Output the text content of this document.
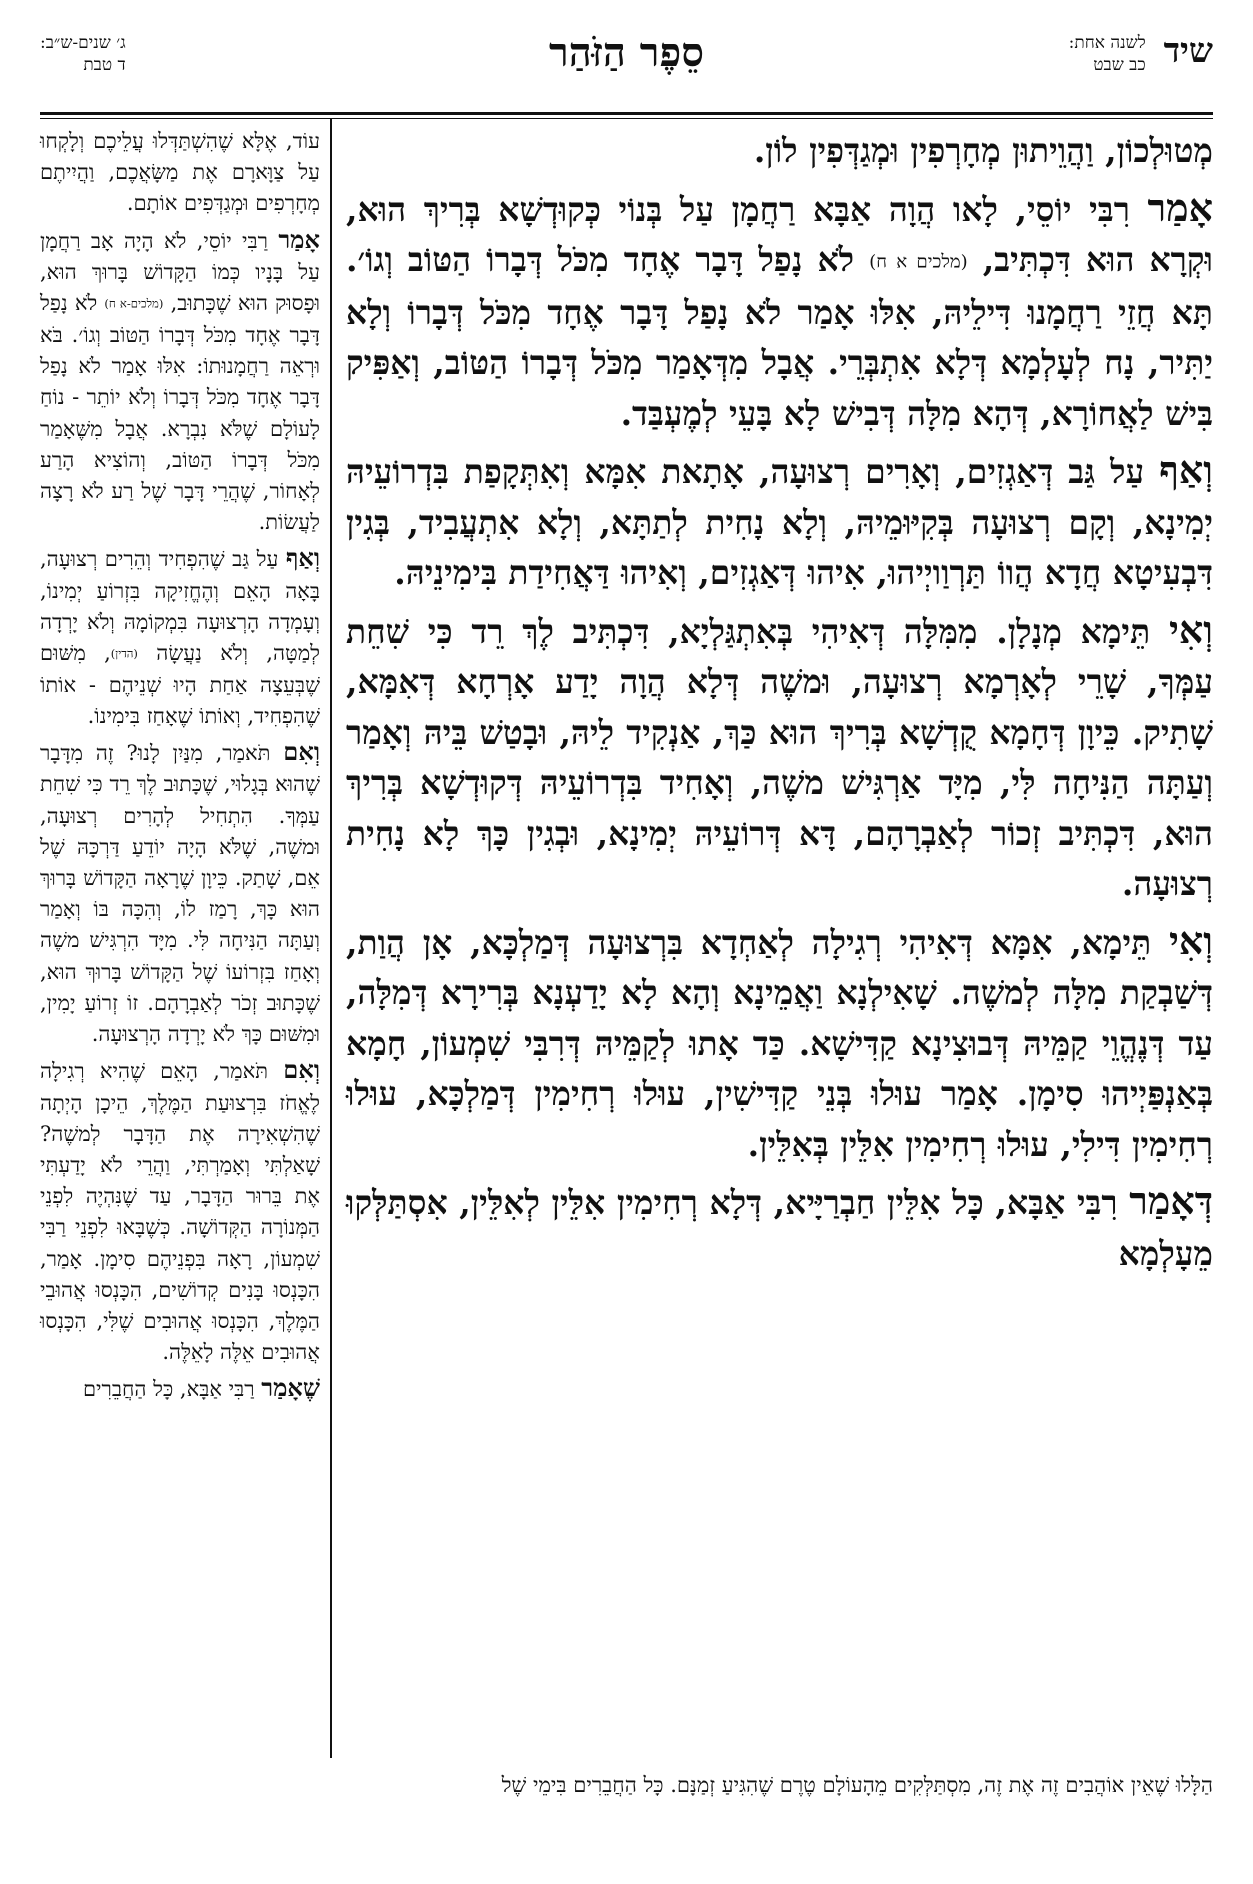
שיד
לשנה אחת:
כב שבט
סֵפֶר הַזֹּהַר
ג׳ שנים-ש״ב:
ד טבת

מְטוּלְכוֹן, וַהֲוֵיתוּן מְחָרְפִין וּמְגַדְּפִין לוֹן.

אָמַר רִבִּי יוֹסֵי, לָאו הֲוָה אַבָּא רַחֲמָן עַל בְּנוֹי כְּקוּדְשָׁא בְּרִיךְ הוּא, וּקְרָא הוּא דִּכְתִּיב, (מלכים א ח) לֹא נָפַל דָּבָר אֶחָד מִכֹּל דְּבָרוֹ הַטּוֹב וְגוֹ׳. תָּא חֲזֵי רַחֲמָנוּ דִּילֵיהּ, אִלּוּ אָמַר לֹא נָפַל דָּבָר אֶחָד מִכֹּל דְּבָרוֹ וְלָא יַתִּיר, נָח לְעָלְמָא דְּלָא אִתְבְּרֵי. אֲבָל מִדְּאָמַר מִכֹּל דְּבָרוֹ הַטּוֹב, וְאַפִּיק בִּישׁ לַאֲחוֹרָא, דְּהָא מִלָּה דְּבִישׁ לָא בָּעֵי לְמֶעְבַּד.

וְאַף עַל גַּב דְּאַגְזִים, וְאָרִים רְצוּעָה, אָתָאת אִמָּא וְאִתְּקָפַת בִּדְרוֹעֵיהּ יְמִינָא, וְקָם רְצוּעָה בְּקִיּוּמֵיהּ, וְלָא נָחִית לְתַתָּא, וְלָא אִתְעֲבִיד, בְּגִין דִּבְעִיטָא חֲדָא הֲווֹ תַּרְוַויְיהוּ, אִיהוּ דְּאַגְזִים, וְאִיהוּ דַּאֲחִידַת בִּימִינֵיהּ.

וְאִי תֵּימָא מְנָלָן. מִמִּלָּה דְּאִיהִי בְּאִתְגַּלְיָא, דִּכְתִּיב לֶךְ רֵד כִּי שִׁחֵת עַמְּךָ, שָׁרֵי לְאָרְמָא רְצוּעָה, וּמשֶׁה דְּלָא הֲוָה יָדַע אָרְחָא דְּאִמָּא, שָׁתִיק. כֵּיוָן דְּחָמָא קֻדְשָׁא בְּרִיךְ הוּא כַּךְ, אַנְקִיד לֵיהּ, וּבָטַשׁ בֵּיהּ וְאָמַר וְעַתָּה הַנִּיחָה לִּי, מִיָּד אַרְגִּישׁ משֶׁה, וְאָחִיד בִּדְרוֹעֵיהּ דְּקוּדְשָׁא בְּרִיךְ הוּא, דִּכְתִּיב זְכוֹר לְאַבְרָהָם, דָּא דְּרוֹעֵיהּ יְמִינָא, וּבְגִין כָּךְ לָא נָחִית רְצוּעָה.

וְאִי תֵּימָא, אִמָּא דְּאִיהִי רְגִילָה לְאַחְדָא בִּרְצוּעָה דְּמַלְכָּא, אָן הֲוַת, דְּשַׁבְקַת מִלָּה לְמשֶׁה. שָׁאִילְנָא וַאֲמֵינָא וְהָא לָא יָדַעְנָא בְּרִירָא דְּמִלָּה, עַד דְּנֶהֱוֵי קַמֵּיהּ דְּבוּצִינָא קַדִּישָׁא. כַּד אָתוּ לְקַמֵּיהּ דְּרִבִּי שִׁמְעוֹן, חָמָא בְּאַנְפַּיְיהוּ סִימָן. אָמַר עוּלוּ בְּנֵי קַדִּישִׁין, עוּלוּ רְחִימִין דְּמַלְכָּא, עוּלוּ רְחִימִין דִּילִי, עוּלוּ רְחִימִין אִלֵּין בְּאִלֵּין.

דְּאָמַר רִבִּי אַבָּא, כָּל אִלֵּין חַבְרַיָּיא, דְּלָא רְחִימִין אִלֵּין לְאִלֵּין, אִסְתַּלְּקוּ מֵעָלְמָא

עוֹד, אֶלָּא שֶׁהִשְׁתַּדְּלוּ עֲלֵיכֶם וְלָקְחוּ עַל צַוָּארָם אֶת מַשָּׂאֲכֶם, וַהֲיִיתֶם מְחָרְפִים וּמְגַדְּפִים אוֹתָם.

אָמַר רַבִּי יוֹסֵי, לֹא הָיָה אָב רַחֲמָן עַל בָּנָיו כְּמוֹ הַקָּדוֹשׁ בָּרוּךְ הוּא, וּפָסוּק הוּא שֶׁכָּתוּב, (מלכים-א ח) לֹא נָפַל דָּבָר אֶחָד מִכֹּל דְּבָרוֹ הַטּוֹב וְגוֹ׳. בֹּא וּרְאֵה רַחֲמָנוּתוֹ: אִלּוּ אָמַר לֹא נָפַל דָּבָר אֶחָד מִכֹּל דְּבָרוֹ וְלֹא יוֹתֵר - נוֹחַ לָעוֹלָם שֶׁלֹּא נִבְרָא. אֲבָל מִשֶּׁאָמַר מִכֹּל דְּבָרוֹ הַטּוֹב, וְהוֹצִיא הָרַע לְאָחוֹר, שֶׁהֲרֵי דָּבָר שֶׁל רַע לֹא רָצָה לַעֲשׂוֹת.

וְאַף עַל גַּב שֶׁהִפְחִיד וְהֵרִים רְצוּעָה, בָּאָה הָאֵם וְהֶחֱזִיקָה בִּזְרוֹעַ יְמִינוֹ, וְעָמְדָה הָרְצוּעָה בִּמְקוֹמָהּ וְלֹא יָרְדָה לְמַטָּה, וְלֹא נַעֲשָׂה (הדין), מִשּׁוּם שֶׁבְּעֵצָה אַחַת הָיוּ שְׁנֵיהֶם - אוֹתוֹ שֶׁהִפְחִיד, וְאוֹתוֹ שֶׁאָחַז בִּימִינוֹ.

וְאִם תֹּאמַר, מִנַּיִן לָנוּ? זֶה מִדָּבָר שֶׁהוּא בְּגָלוּי, שֶׁכָּתוּב לֶךְ רֵד כִּי שִׁחֵת עַמְּךָ. הִתְחִיל לְהָרִים רְצוּעָה, וּמשֶׁה, שֶׁלֹּא הָיָה יוֹדֵעַ דַּרְכָּהּ שֶׁל אֵם, שָׁתַק. כֵּיוָן שֶׁרָאָה הַקָּדוֹשׁ בָּרוּךְ הוּא כָּךְ, רָמַז לוֹ, וְהִכָּה בּוֹ וְאָמַר וְעַתָּה הַנִּיחָה לִּי. מִיָּד הִרְגִּישׁ משֶׁה וְאָחַז בִּזְרוֹעוֹ שֶׁל הַקָּדוֹשׁ בָּרוּךְ הוּא, שֶׁכָּתוּב זְכֹר לְאַבְרָהָם. זוֹ זְרוֹעַ יָמִין, וּמִשּׁוּם כָּךְ לֹא יָרְדָה הָרְצוּעָה.

וְאִם תֹּאמַר, הָאֵם שֶׁהִיא רְגִילָה לֶאֱחֹז בִּרְצוּעַת הַמֶּלֶךְ, הֵיכָן הָיְתָה שֶׁהִשְׁאִירָה אֶת הַדָּבָר לְמשֶׁה? שָׁאַלְתִּי וְאָמַרְתִּי, וַהֲרֵי לֹא יָדַעְתִּי אֶת בֵּרוּר הַדָּבָר, עַד שֶׁנִּהְיֶה לִפְנֵי הַמְּנוֹרָה הַקְּדוֹשָׁה. כְּשֶׁבָּאוּ לִפְנֵי רַבִּי שִׁמְעוֹן, רָאָה בִּפְנֵיהֶם סִימָן. אָמַר, הִכָּנְסוּ בָּנִים קְדוֹשִׁים, הִכָּנְסוּ אֲהוּבֵי הַמֶּלֶךְ, הִכָּנְסוּ אֲהוּבִים שֶׁלִּי, הִכָּנְסוּ אֲהוּבִים אֵלֶּה לָאֵלֶּה.

שֶׁאָמַר רַבִּי אַבָּא, כָּל הַחֲבֵרִים

הַלָּלוּ שֶׁאֵין אוֹהֲבִים זֶה אֶת זֶה, מִסְתַּלְּקִים מֵהָעוֹלָם טֶרֶם שֶׁהִגִּיעַ זְמַנָּם. כָּל הַחֲבֵרִים בִּימֵי שֶׁל
